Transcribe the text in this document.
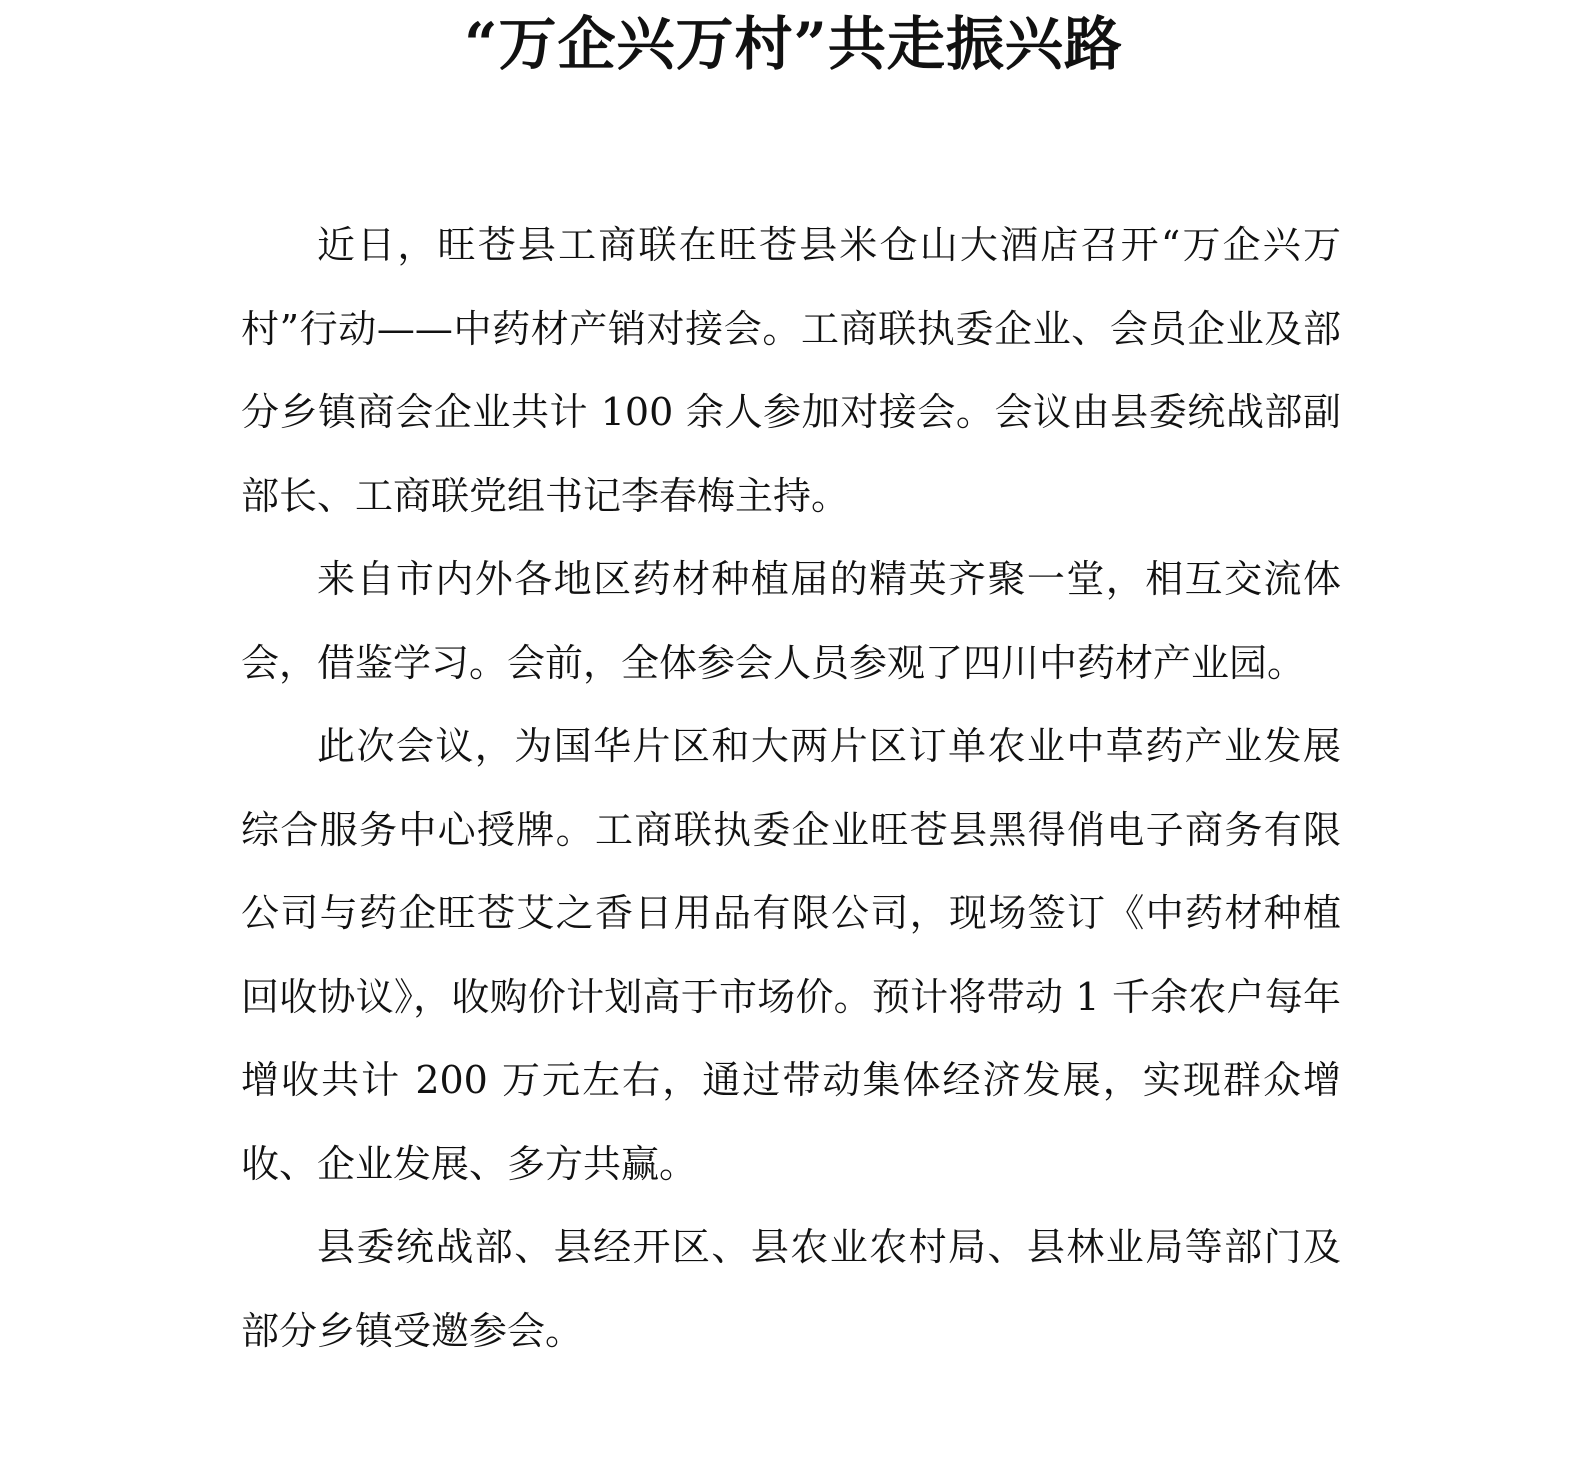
“万企兴万村”共走振兴路

近日，旺苍县工商联在旺苍县米仓山大酒店召开“万企兴万村”行动——中药材产销对接会。工商联执委企业、会员企业及部分乡镇商会企业共计 100 余人参加对接会。会议由县委统战部副部长、工商联党组书记李春梅主持。

来自市内外各地区药材种植届的精英齐聚一堂，相互交流体会，借鉴学习。会前，全体参会人员参观了四川中药材产业园。

此次会议，为国华片区和大两片区订单农业中草药产业发展综合服务中心授牌。工商联执委企业旺苍县黑得俏电子商务有限公司与药企旺苍艾之香日用品有限公司，现场签订《中药材种植回收协议》，收购价计划高于市场价。预计将带动 1 千余农户每年增收共计 200 万元左右，通过带动集体经济发展，实现群众增收、企业发展、多方共赢。

县委统战部、县经开区、县农业农村局、县林业局等部门及部分乡镇受邀参会。
